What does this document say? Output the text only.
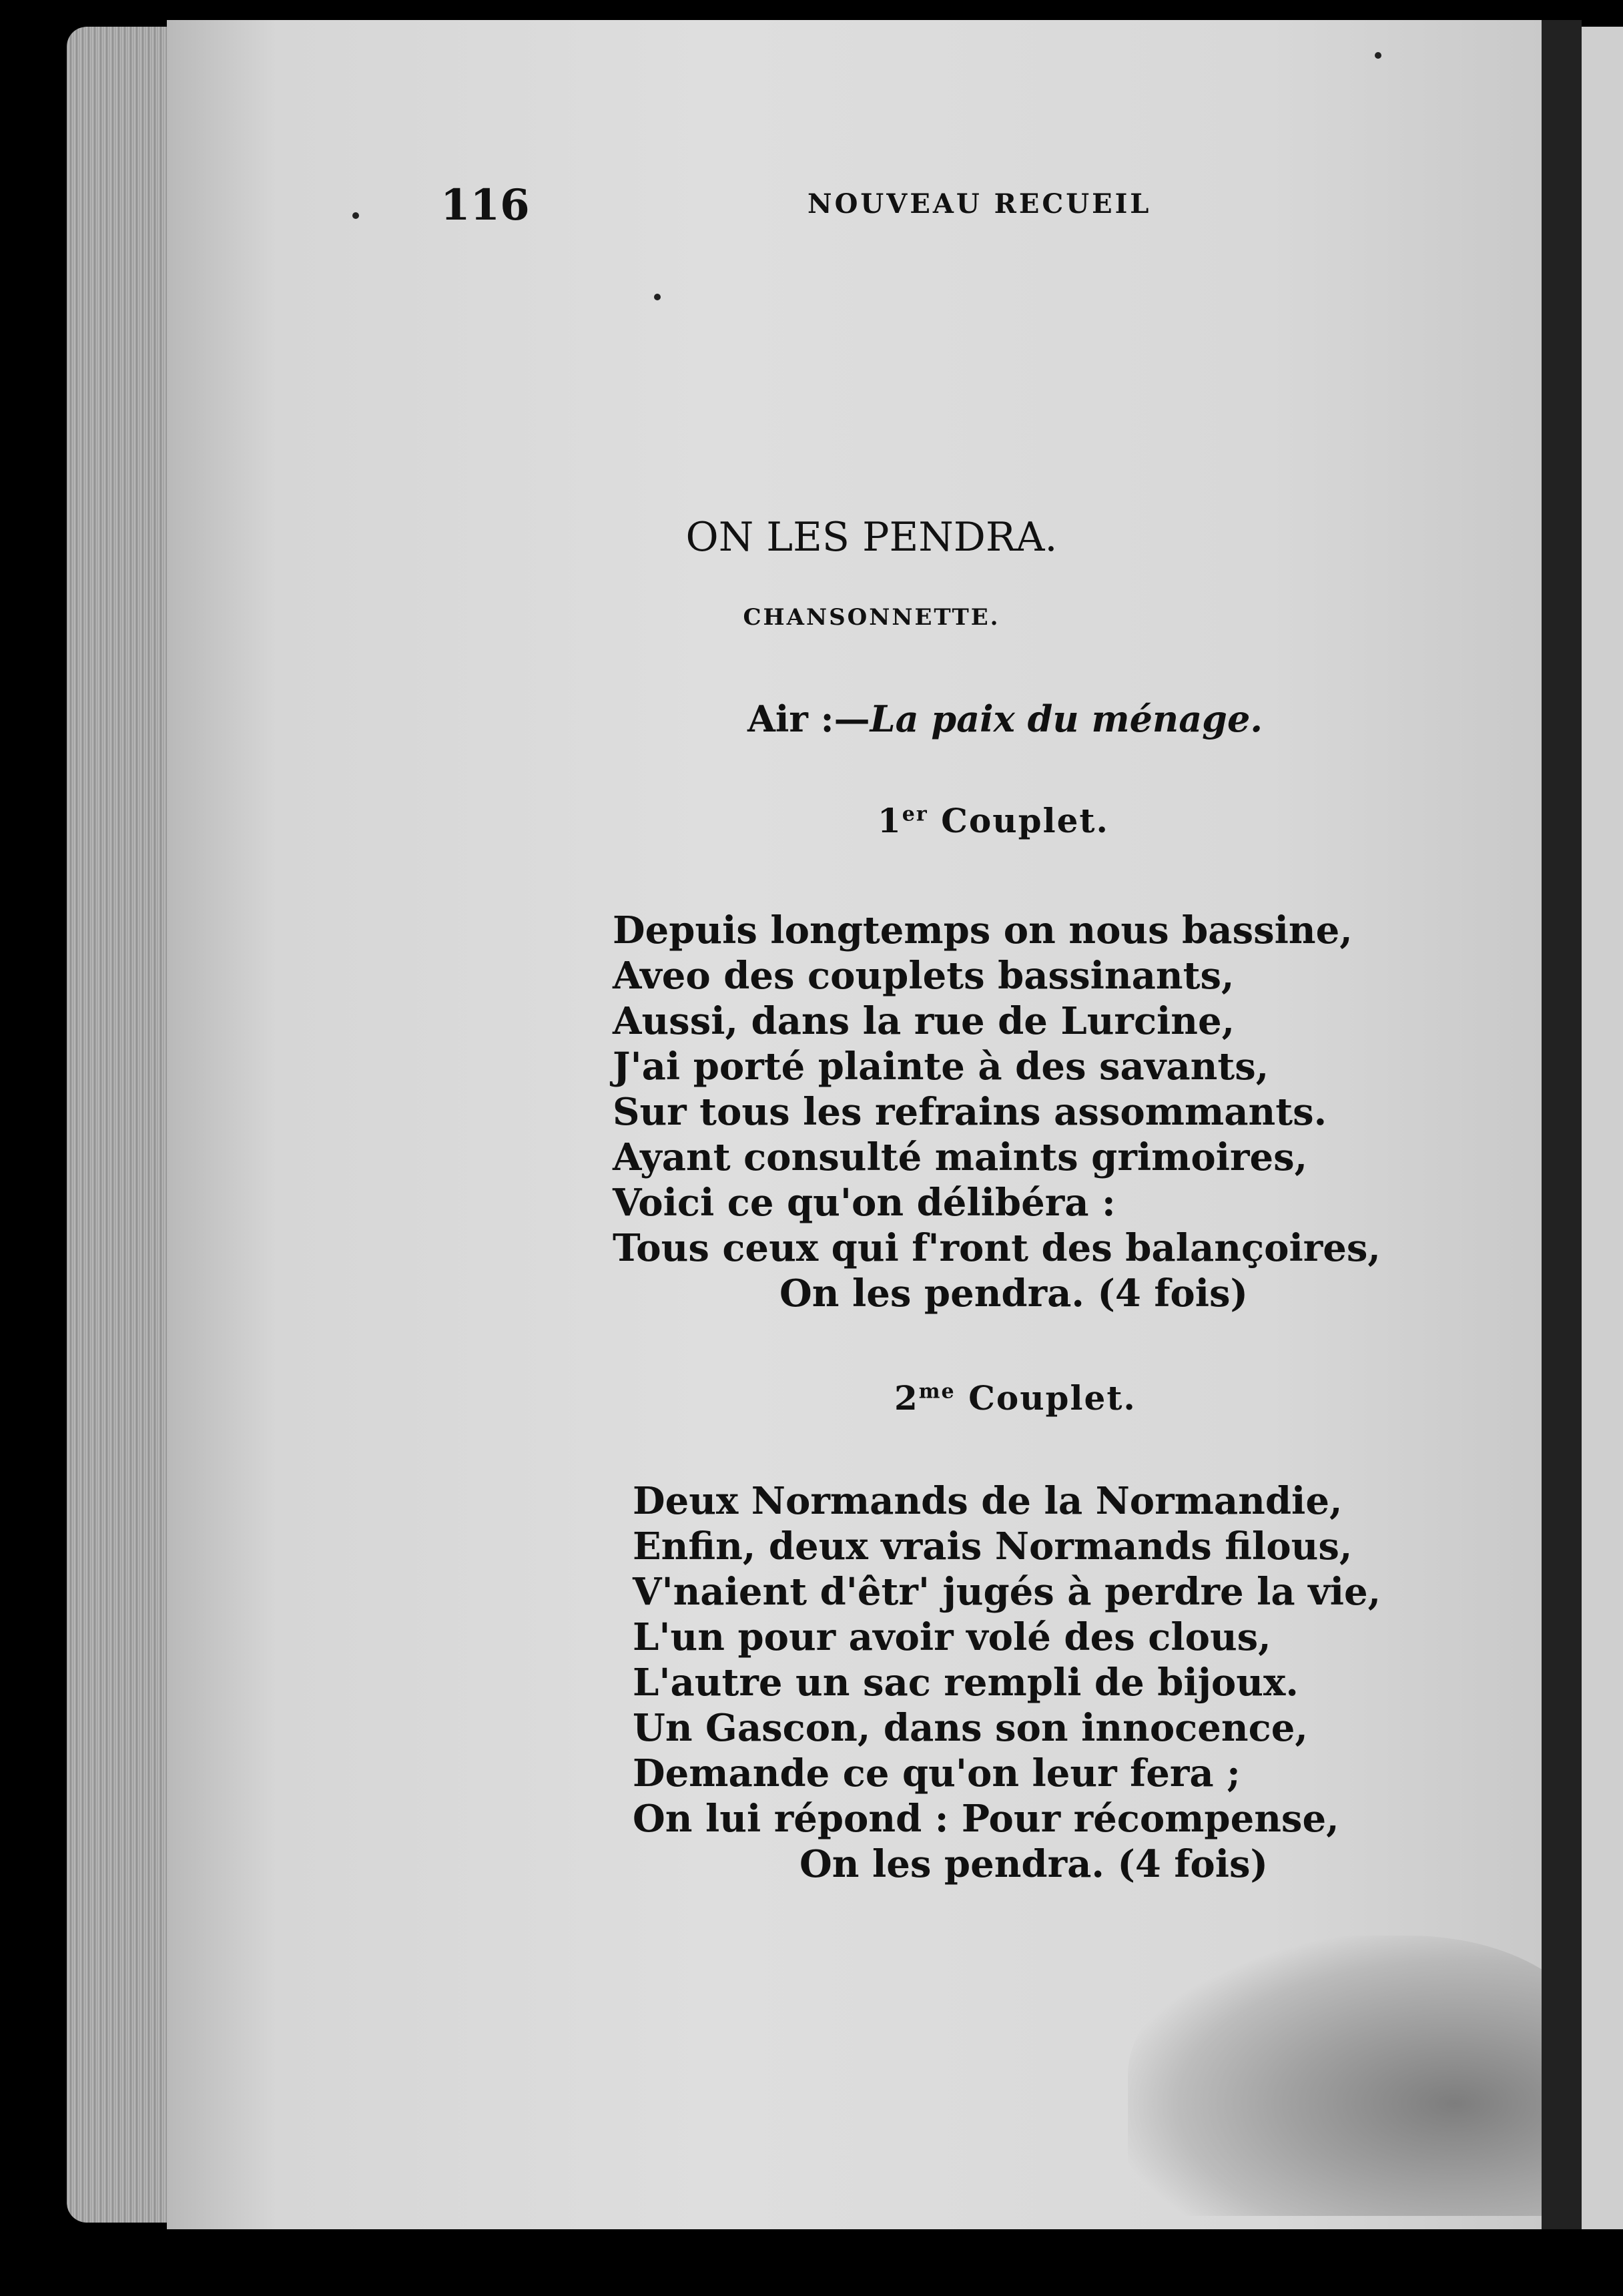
116	NOUVEAU RECUEIL
ON LES PENDRA.
CHANSONNETTE.
Air :—La paix du ménage.
1er Couplet.
Depuis longtemps on nous bassine,
Aveo des couplets bassinants,
Aussi, dans la rue de Lurcine,
J'ai porté plainte à des savants,
Sur tous les refrains assommants.
Ayant consulté maints grimoires,
Voici ce qu'on délibéra :
Tous ceux qui f'ront des balançoires,
On les pendra. (4 fois)
$2^{me}$ Couplet.
Deux Normands de la Normandie,
Enfin, deux vrais Normands filous,
V'naient d'êtr' jugés à perdre la vie,
L'un pour avoir volé des clous,
L'autre un sac rempli de bijoux.
Un Gascon, dans son innocence,
Demande ce qu'on leur fera ;
On lui répond : Pour récompense,
On les pendra. (4 fois)
